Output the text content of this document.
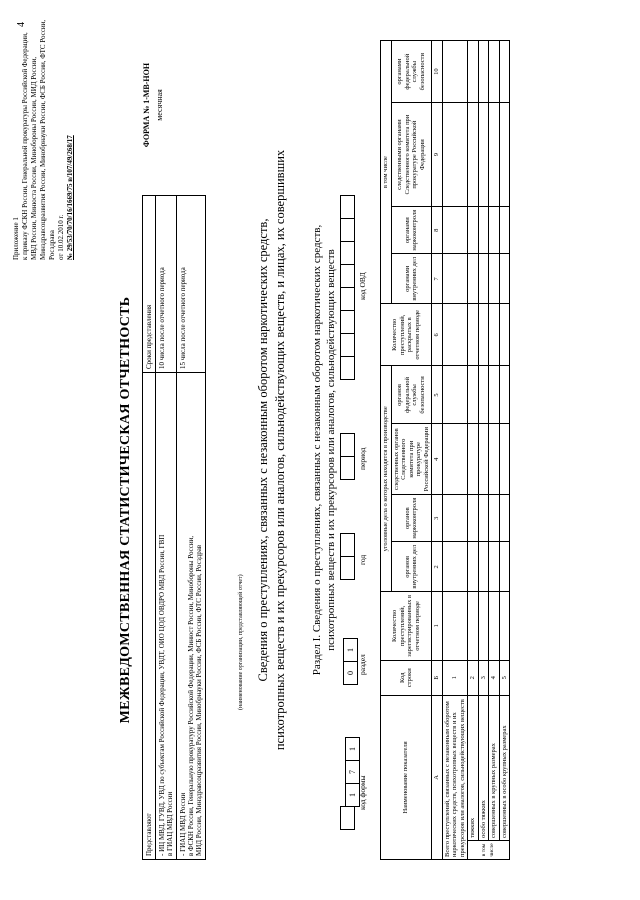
4
Приложение 1 к приказу ФСКН России, Генеральной прокуратуры Российской Федерации, МВД России, Минюста России, Минобороны России, МИД России, Минздравсоцразвития России, Минобрнауки России, ФСБ России, ФТС России, Росздрава от 10.02.2010 г. № 29/53/70/70/16/1669/75 в/107/49/268/17
МЕЖВЕДОМСТВЕННАЯ СТАТИСТИЧЕСКАЯ ОТЧЕТНОСТЬ
Представляют	Сроки представления

- ИЦ МВД, ГУВД, УВД по субъектам Российской Федерации, УВДТ, ОИО ЦОД ОВДРО МВД России, ГВП в ГИАЦ МВД России	10 числа после отчетного периода

- ГИАЦ МВД России в ФСКН России, Генеральную прокуратуру Российской Федерации, Минюст России, Минобороны России, МИД России, Минздравсоцразвития России, Минобрнауки России, ФСБ России, ФТС России, Росздрав	15 числа после отчетного периода
ФОРМА № 1-МВ-НОН месячная
(наименование организации, представляющей отчет) Сведения о преступлениях, связанных с незаконным оборотом наркотических средств, психотропных веществ и их прекурсоров или аналогов, сильнодействующих веществ, и лицах, их совершивших Раздел I. Сведения о преступлениях, связанных с незаконным оборотом наркотических средств, психотропных веществ и их прекурсоров или аналогов, сильнодействующих веществ
171
код формы
01
раздел
год
период
код ОВД
Наименование показателя		Код строки	Количество преступлений, зарегистрированных в отчетном периоде	уголовные дела о которых находятся в производстве				Количество преступлений, раскрытых в отчетном периоде	в том числе			
				органов внутренних дел	органов наркоконтроля	следственных органов Следственного комитета при прокуратуре Российской Федерации	органов федеральной службы безопасности		органами внутренних дел	органами наркоконтроля	следственными органами Следственного комитета при прокуратуре Российской Федерации	органами федеральной службы безопасности

А		Б	1	2	3	4	5	6	7	8	9	10
Всего преступлений, связанных с незаконным оборотом наркотических средств, психотропных веществ и их прекурсоров или аналогов, сильнодействующих веществ		1										
в том числе	тяжких	2										
	особо тяжких	3										
	совершенных в крупных размерах	4										
	совершенных в особо крупных размерах	5										
